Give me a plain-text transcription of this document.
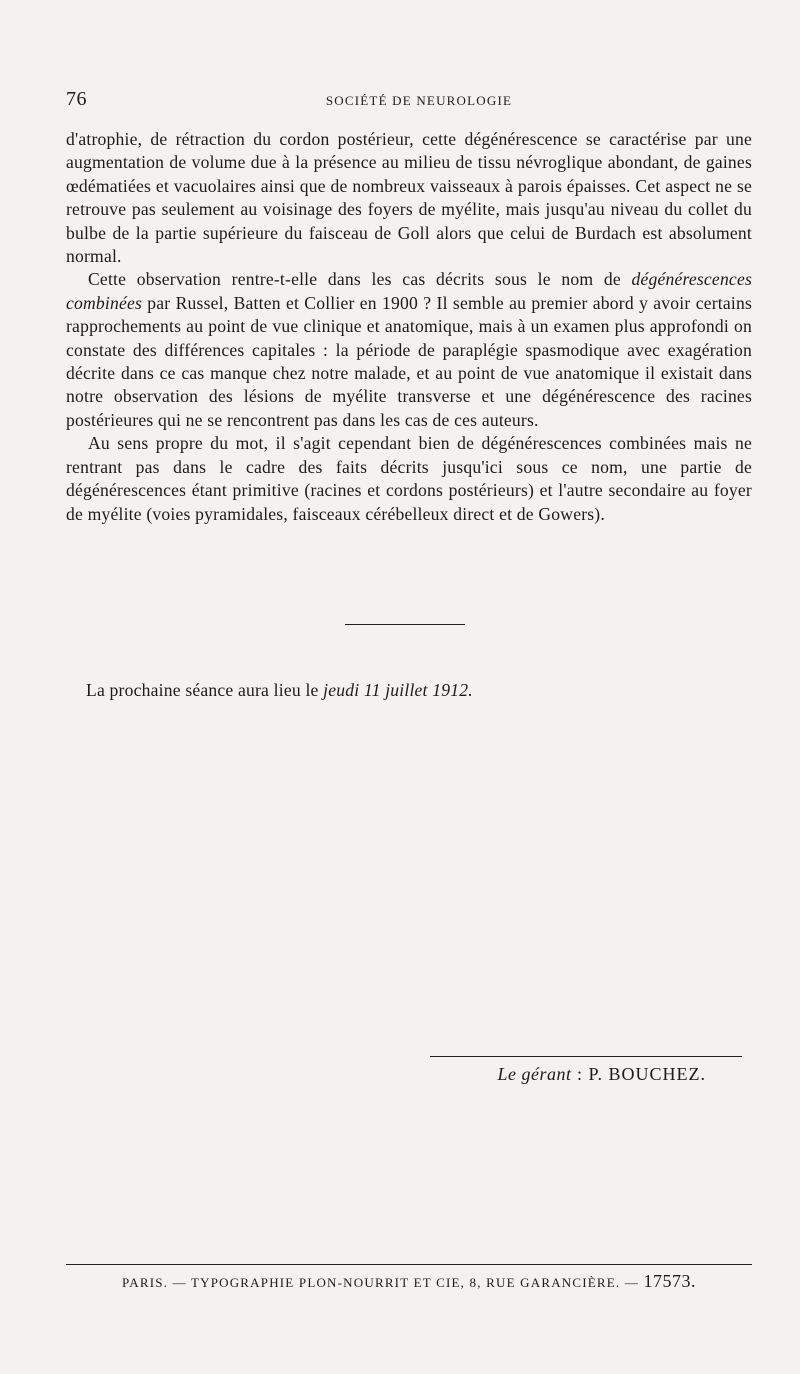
76	SOCIÉTÉ DE NEUROLOGIE

d'atrophie, de rétraction du cordon postérieur, cette dégénérescence se caractérise par une augmentation de volume due à la présence au milieu de tissu névroglique abondant, de gaines œdématiées et vacuolaires ainsi que de nombreux vaisseaux à parois épaisses. Cet aspect ne se retrouve pas seulement au voisinage des foyers de myélite, mais jusqu'au niveau du collet du bulbe de la partie supérieure du faisceau de Goll alors que celui de Burdach est absolument normal.

Cette observation rentre-t-elle dans les cas décrits sous le nom de dégénérescences combinées par Russel, Batten et Collier en 1900 ? Il semble au premier abord y avoir certains rapprochements au point de vue clinique et anatomique, mais à un examen plus approfondi on constate des différences capitales : la période de paraplégie spasmodique avec exagération décrite dans ce cas manque chez notre malade, et au point de vue anatomique il existait dans notre observation des lésions de myélite transverse et une dégénérescence des racines postérieures qui ne se rencontrent pas dans les cas de ces auteurs.

Au sens propre du mot, il s'agit cependant bien de dégénérescences combinées mais ne rentrant pas dans le cadre des faits décrits jusqu'ici sous ce nom, une partie de dégénérescences étant primitive (racines et cordons postérieurs) et l'autre secondaire au foyer de myélite (voies pyramidales, faisceaux cérébelleux direct et de Gowers).

La prochaine séance aura lieu le jeudi 11 juillet 1912.
Le gérant : P. BOUCHEZ.
PARIS. — TYPOGRAPHIE PLON-NOURRIT ET CIE, 8, RUE GARANCIÈRE. — 17573.
